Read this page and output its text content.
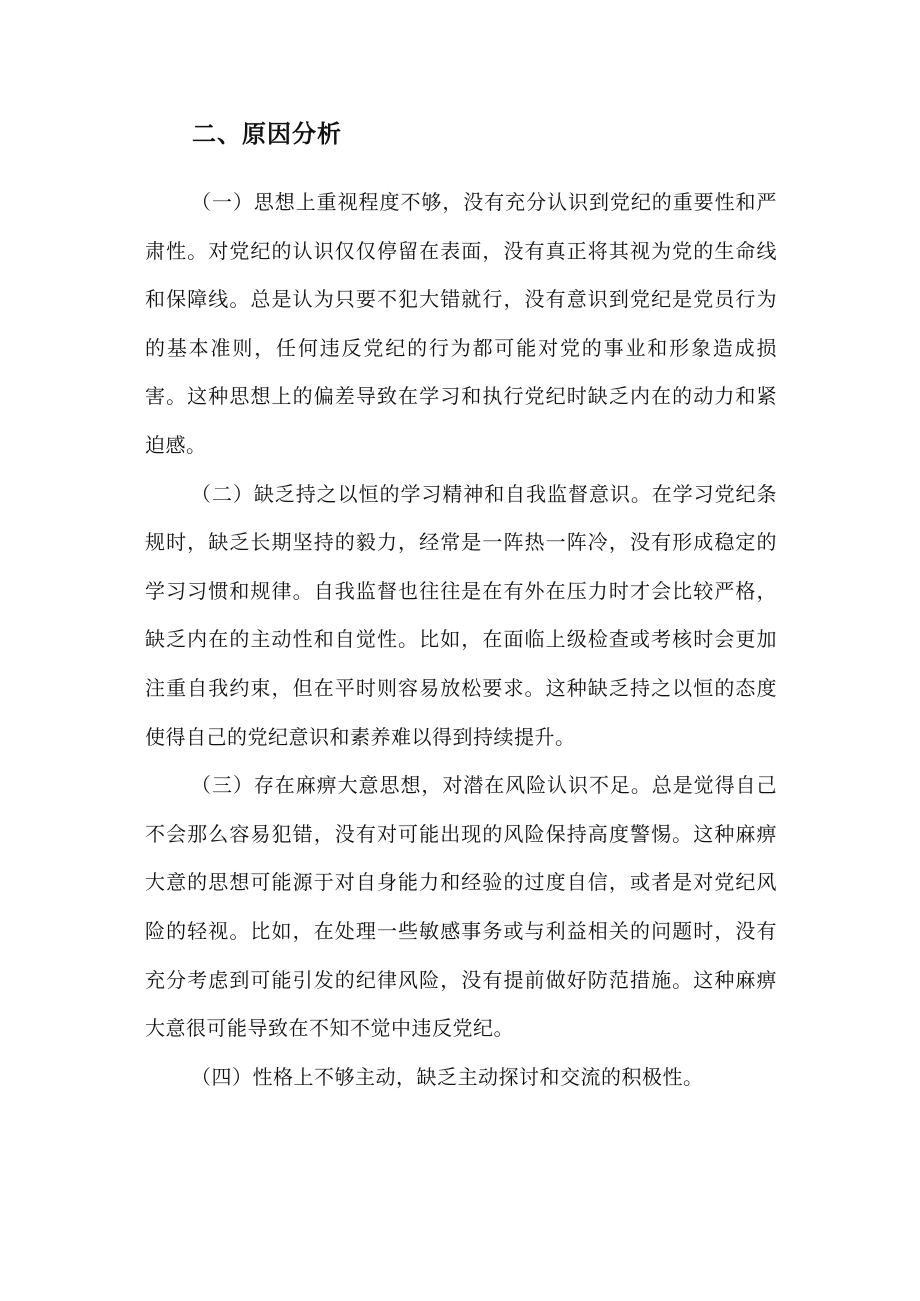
二、原因分析

（一）思想上重视程度不够，没有充分认识到党纪的重要性和严肃性。对党纪的认识仅仅停留在表面，没有真正将其视为党的生命线和保障线。总是认为只要不犯大错就行，没有意识到党纪是党员行为的基本准则，任何违反党纪的行为都可能对党的事业和形象造成损害。这种思想上的偏差导致在学习和执行党纪时缺乏内在的动力和紧迫感。

（二）缺乏持之以恒的学习精神和自我监督意识。在学习党纪条规时，缺乏长期坚持的毅力，经常是一阵热一阵冷，没有形成稳定的学习习惯和规律。自我监督也往往是在有外在压力时才会比较严格，缺乏内在的主动性和自觉性。比如，在面临上级检查或考核时会更加注重自我约束，但在平时则容易放松要求。这种缺乏持之以恒的态度使得自己的党纪意识和素养难以得到持续提升。

（三）存在麻痹大意思想，对潜在风险认识不足。总是觉得自己不会那么容易犯错，没有对可能出现的风险保持高度警惕。这种麻痹大意的思想可能源于对自身能力和经验的过度自信，或者是对党纪风险的轻视。比如，在处理一些敏感事务或与利益相关的问题时，没有充分考虑到可能引发的纪律风险，没有提前做好防范措施。这种麻痹大意很可能导致在不知不觉中违反党纪。

（四）性格上不够主动，缺乏主动探讨和交流的积极性。
